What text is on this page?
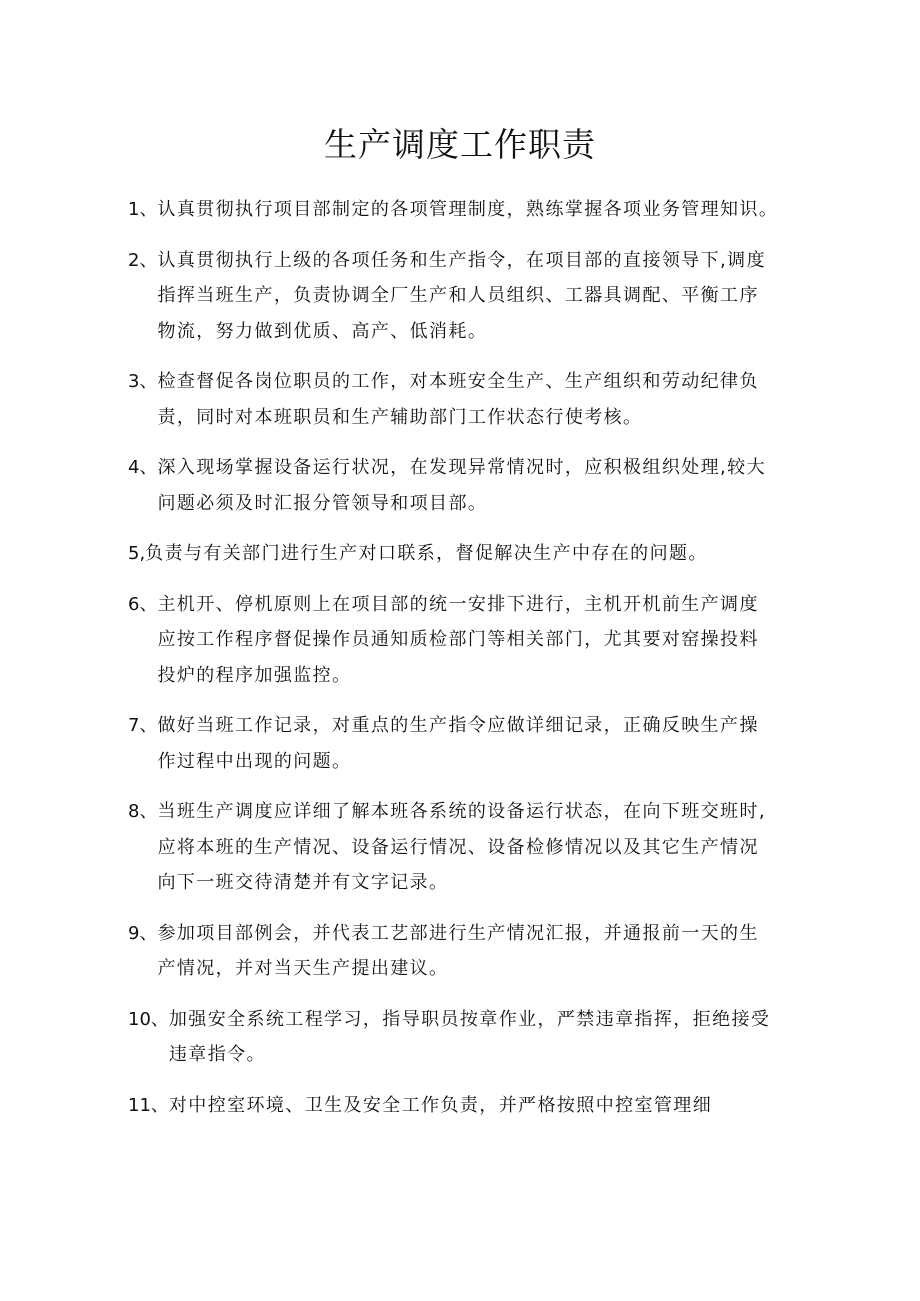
生产调度工作职责
1、 认真贯彻执行项目部制定的各项管理制度，熟练掌握各项业务管理知识。
2、 认真贯彻执行上级的各项任务和生产指令，在项目部的直接领导下,调度
指挥当班生产，负责协调全厂生产和人员组织、工器具调配、平衡工序
物流，努力做到优质、高产、低消耗。
3、 检查督促各岗位职员的工作，对本班安全生产、生产组织和劳动纪律负
责，同时对本班职员和生产辅助部门工作状态行使考核。
4、 深入现场掌握设备运行状况，在发现异常情况时，应积极组织处理,较大
问题必须及时汇报分管领导和项目部。
5, 负责与有关部门进行生产对口联系，督促解决生产中存在的问题。
6、 主机开、停机原则上在项目部的统一安排下进行，主机开机前生产调度
应按工作程序督促操作员通知质检部门等相关部门，尤其要对窑操投料
投炉的程序加强监控。
7、 做好当班工作记录，对重点的生产指令应做详细记录，正确反映生产操
作过程中出现的问题。
8、 当班生产调度应详细了解本班各系统的设备运行状态，在向下班交班时,
应将本班的生产情况、设备运行情况、设备检修情况以及其它生产情况
向下一班交待清楚并有文字记录。
9、 参加项目部例会，并代表工艺部进行生产情况汇报，并通报前一天的生
产情况，并对当天生产提出建议。
10、 加强安全系统工程学习，指导职员按章作业，严禁违章指挥，拒绝接受
违章指令。
11、 对中控室环境、卫生及安全工作负责，并严格按照中控室管理细
